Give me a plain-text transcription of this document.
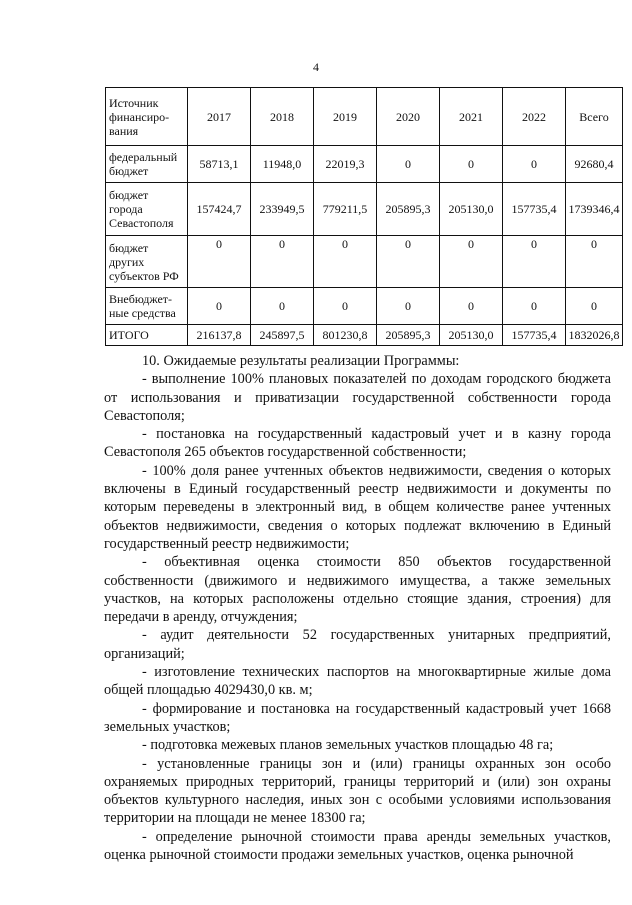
4
Источник финансиро-вания	2017	2018	2019	2020	2021	2022	Всего
федеральный бюджет	58713,1	11948,0	22019,3	0	0	0	92680,4
бюджет города Севастополя	157424,7	233949,5	779211,5	205895,3	205130,0	157735,4	1739346,4
бюджет других субъектов РФ	0	0	0	0	0	0	0
Внебюджет-ные средства	0	0	0	0	0	0	0
ИТОГО	216137,8	245897,5	801230,8	205895,3	205130,0	157735,4	1832026,8

10. Ожидаемые результаты реализации Программы:

- выполнение 100% плановых показателей по доходам городского бюджета от использования и приватизации государственной собственности города Севастополя;

- постановка на государственный кадастровый учет и в казну города Севастополя 265 объектов государственной собственности;

- 100% доля ранее учтенных объектов недвижимости, сведения о которых включены в Единый государственный реестр недвижимости и документы по которым переведены в электронный вид, в общем количестве ранее учтенных объектов недвижимости, сведения о которых подлежат включению в Единый государственный реестр недвижимости;

- объективная оценка стоимости 850 объектов государственной собственности (движимого и недвижимого имущества, а также земельных участков, на которых расположены отдельно стоящие здания, строения) для передачи в аренду, отчуждения;

- аудит деятельности 52 государственных унитарных предприятий, организаций;

- изготовление технических паспортов на многоквартирные жилые дома общей площадью 4029430,0 кв. м;

- формирование и постановка на государственный кадастровый учет 1668 земельных участков;

- подготовка межевых планов земельных участков площадью 48 га;

- установленные границы зон и (или) границы охранных зон особо охраняемых природных территорий, границы территорий и (или) зон охраны объектов культурного наследия, иных зон с особыми условиями использования территории на площади не менее 18300 га;

- определение рыночной стоимости права аренды земельных участков, оценка рыночной стоимости продажи земельных участков, оценка рыночной
